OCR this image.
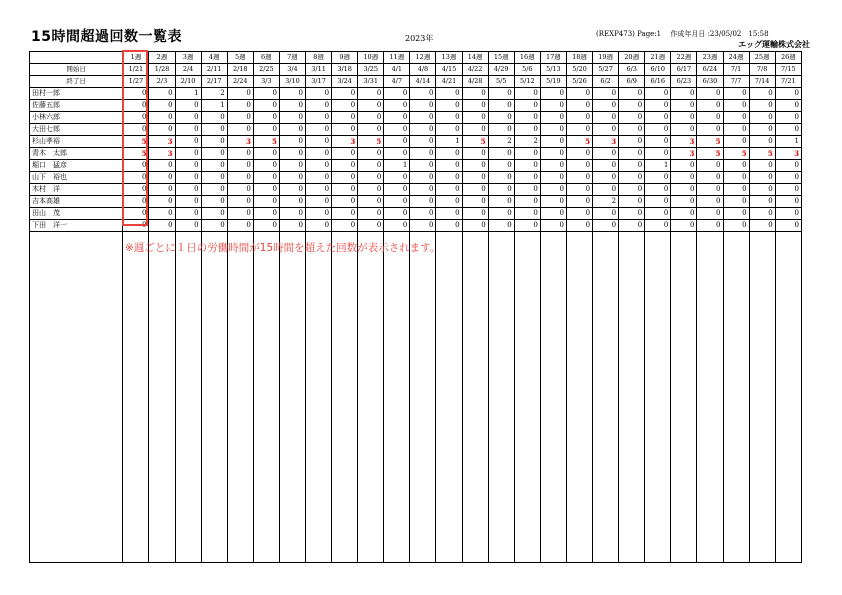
15時間超過回数一覧表	2023年	(REXP473) Page:1　 作成年月日 :23/05/02　15:58
エッグ運輸株式会社
	1週	2週	3週	4週	5週	6週	7週	8週	9週	10週	11週	12週	13週	14週	15週	16週	17週	18週	19週	20週	21週	22週	23週	24週	25週	26週
開始日	1/21	1/28	2/4	2/11	2/18	2/25	3/4	3/11	3/18	3/25	4/1	4/8	4/15	4/22	4/29	5/6	5/13	5/20	5/27	6/3	6/10	6/17	6/24	7/1	7/8	7/15
終了日	1/27	2/3	2/10	2/17	2/24	3/3	3/10	3/17	3/24	3/31	4/7	4/14	4/21	4/28	5/5	5/12	5/19	5/26	6/2	6/9	6/16	6/23	6/30	7/7	7/14	7/21
田村一郎	0	0	1	2	0	0	0	0	0	0	0	0	0	0	0	0	0	0	0	0	0	0	0	0	0	0
佐藤五郎	0	0	0	1	0	0	0	0	0	0	0	0	0	0	0	0	0	0	0	0	0	0	0	0	0	0
小林六郎	0	0	0	0	0	0	0	0	0	0	0	0	0	0	0	0	0	0	0	0	0	0	0	0	0	0
大田七郎	0	0	0	0	0	0	0	0	0	0	0	0	0	0	0	0	0	0	0	0	0	0	0	0	0	0
杉山孝裕	5	3	0	0	3	5	0	0	3	5	0	0	1	5	2	2	0	5	3	0	0	3	5	0	0	1
青木　太郎	5	3	0	0	0	0	0	0	0	0	0	0	0	0	0	0	0	0	0	0	0	3	5	5	5	3
堀口　猛彦	0	0	0	0	0	0	0	0	0	0	1	0	0	0	0	0	0	0	0	0	1	0	0	0	0	0
山下　裕也	0	0	0	0	0	0	0	0	0	0	0	0	0	0	0	0	0	0	0	0	0	0	0	0	0	0
木村　洋	0	0	0	0	0	0	0	0	0	0	0	0	0	0	0	0	0	0	0	0	0	0	0	0	0	0
吉本高雄	0	0	0	0	0	0	0	0	0	0	0	0	0	0	0	0	0	0	2	0	0	0	0	0	0	0
田山　茂	0	0	0	0	0	0	0	0	0	0	0	0	0	0	0	0	0	0	0	0	0	0	0	0	0	0
下田　洋一	0	0	0	0	0	0	0	0	0	0	0	0	0	0	0	0	0	0	0	0	0	0	0	0	0	0

※週ごとに１日の労働時間が15時間を超えた回数が表示されます。
